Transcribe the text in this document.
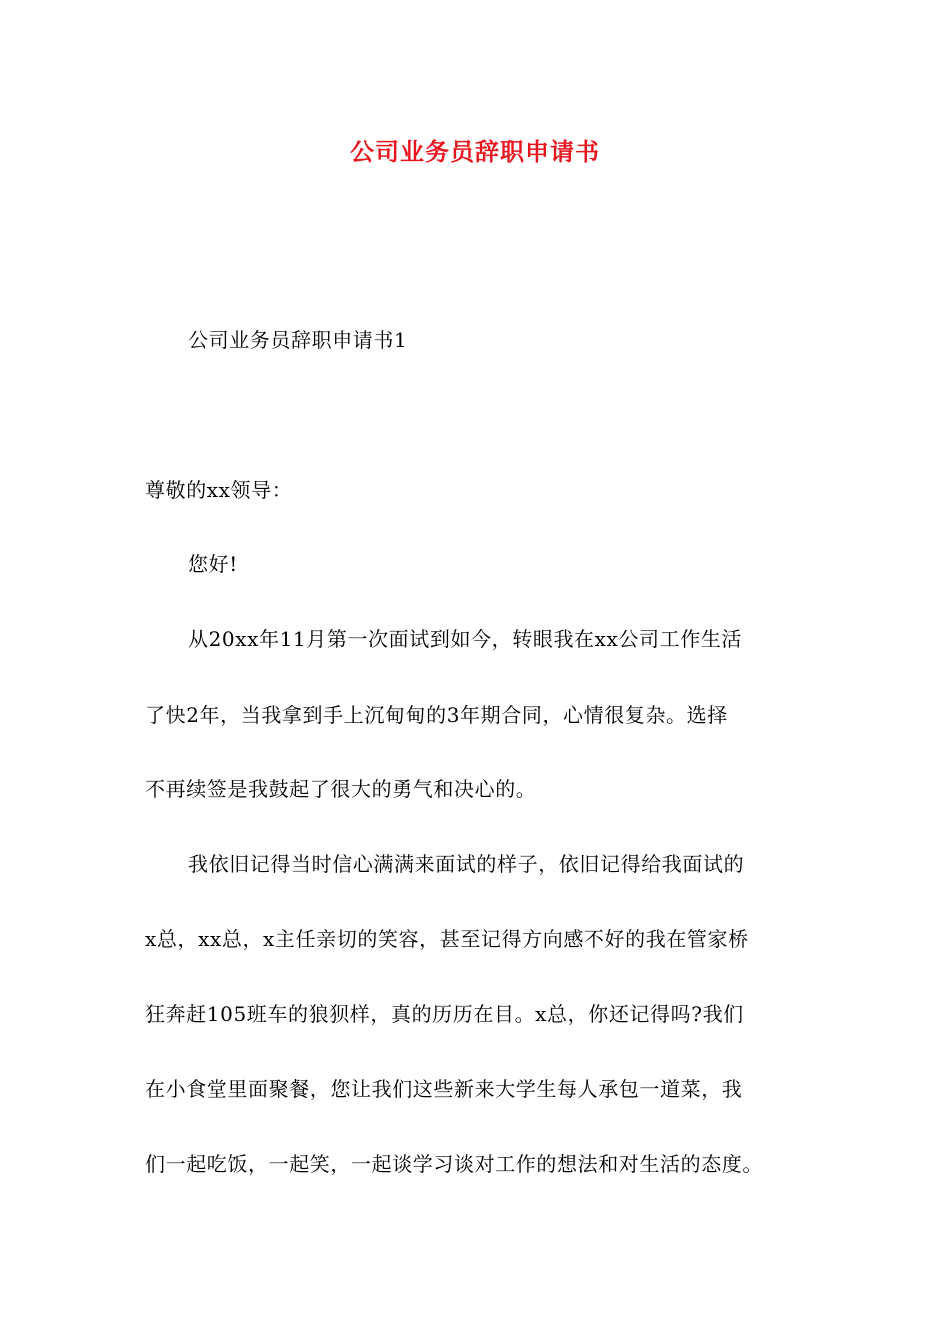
公司业务员辞职申请书
公司业务员辞职申请书1
尊敬的xx领导：
您好!
从20xx年11月第一次面试到如今，转眼我在xx公司工作生活
了快2年，当我拿到手上沉甸甸的3年期合同，心情很复杂。选择
不再续签是我鼓起了很大的勇气和决心的。
我依旧记得当时信心满满来面试的样子，依旧记得给我面试的
x总，xx总，x主任亲切的笑容，甚至记得方向感不好的我在管家桥
狂奔赶105班车的狼狈样，真的历历在目。x总，你还记得吗?我们
在小食堂里面聚餐，您让我们这些新来大学生每人承包一道菜，我
们一起吃饭，一起笑，一起谈学习谈对工作的想法和对生活的态度。
